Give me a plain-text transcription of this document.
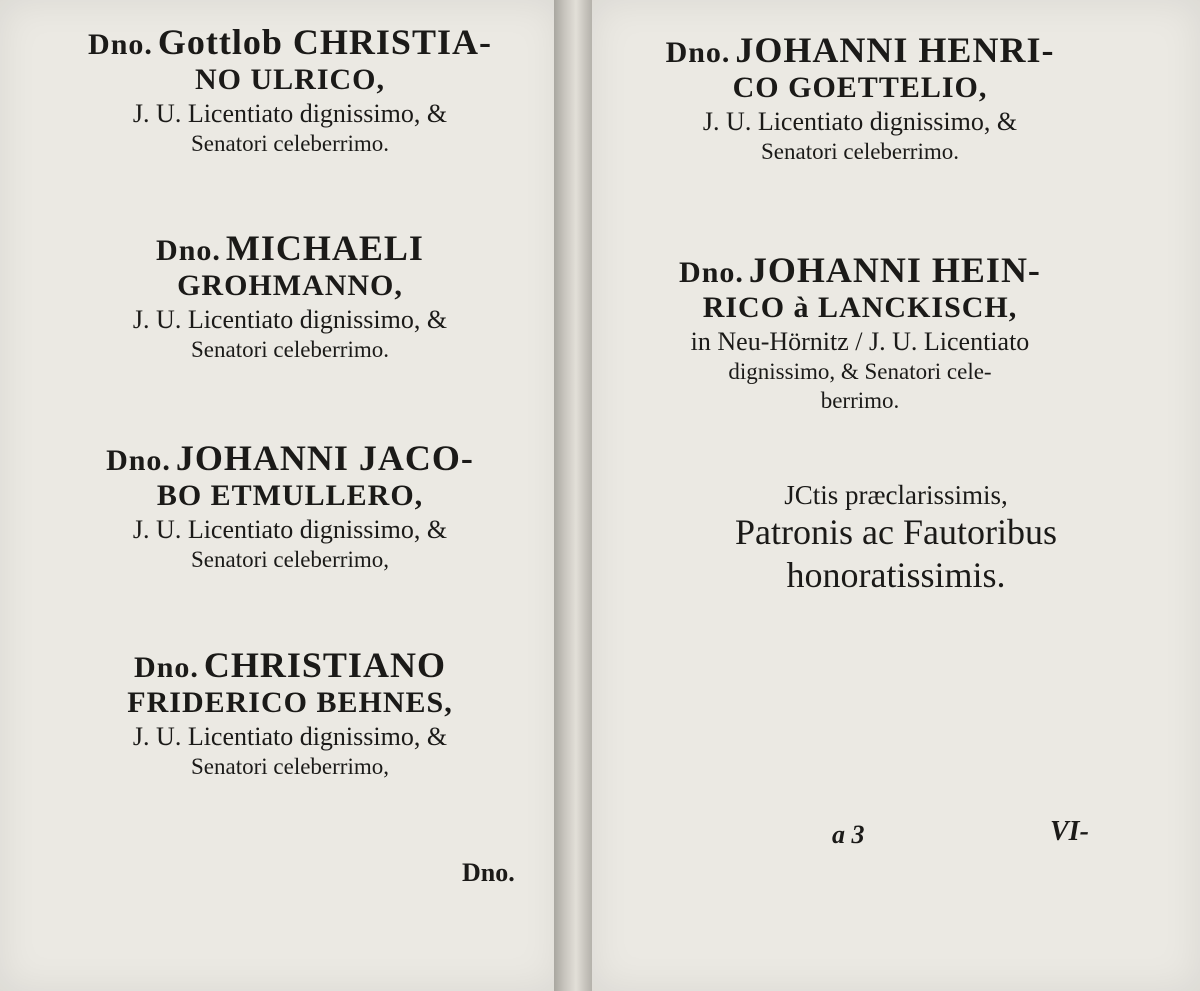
Dno. Gottlob CHRISTIA-
NO ULRICO,
J. U. Licentiato dignissimo, &
Senatori celeberrimo.
Dno. MICHAELI
GROHMANNO,
J. U. Licentiato dignissimo, &
Senatori celeberrimo.
Dno. JOHANNI JACO-
BO ETMULLERO,
J. U. Licentiato dignissimo, &
Senatori celeberrimo,
Dno. CHRISTIANO
FRIDERICO BEHNES,
J. U. Licentiato dignissimo, &
Senatori celeberrimo,
Dno.
Dno. JOHANNI HENRI-
CO GOETTELIO,
J. U. Licentiato dignissimo, &
Senatori celeberrimo.
Dno. JOHANNI HEIN-
RICO à LANCKISCH,
in Neu-Hörnitz / J. U. Licentiato
dignissimo, & Senatori cele-
berrimo.
JCtis præclarissimis,
Patronis ac Fautoribus
honoratissimis.
a 3	VI-
